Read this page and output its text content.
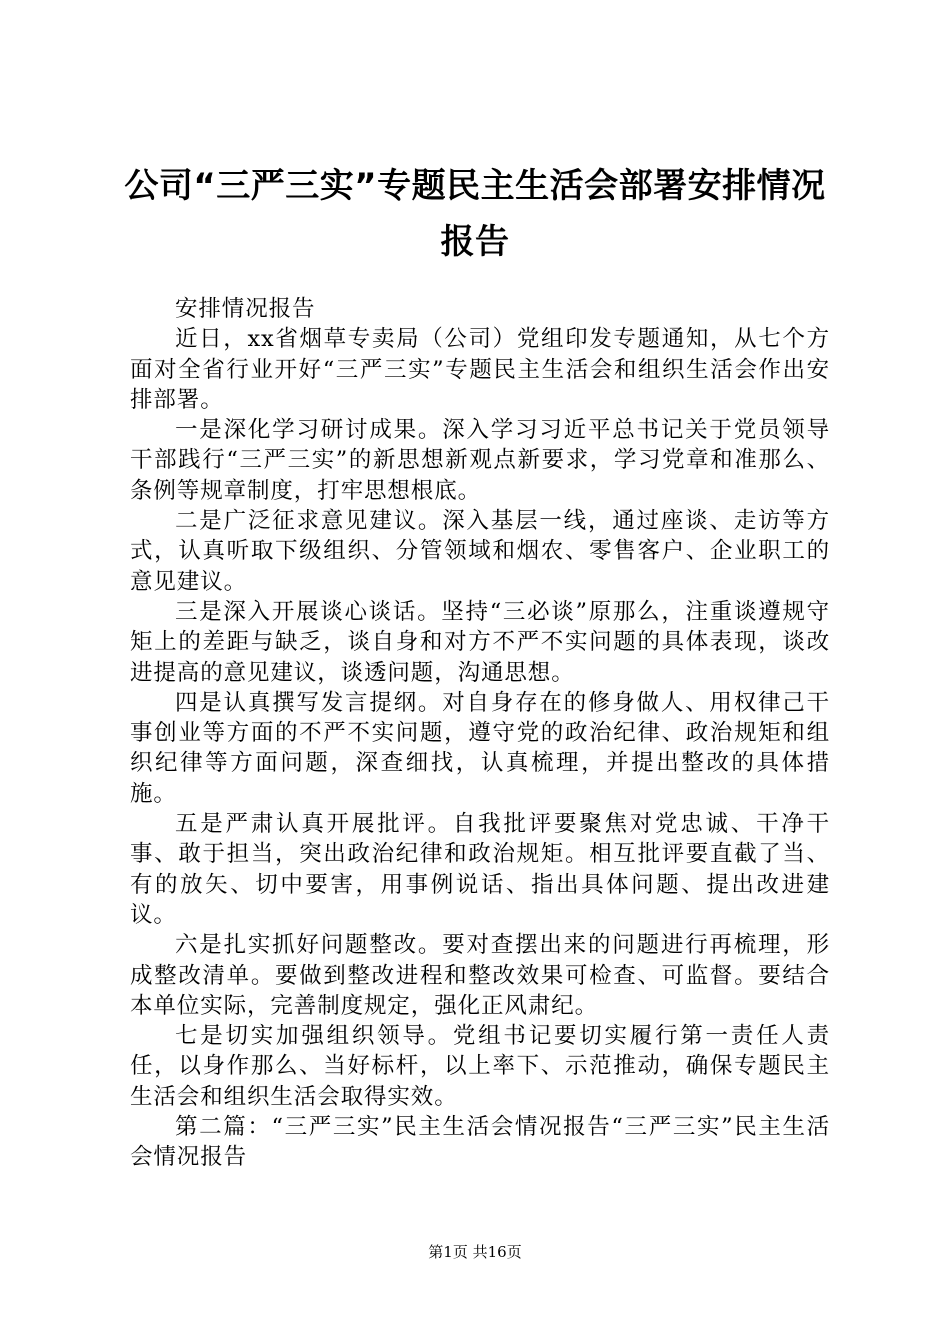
公司“三严三实”专题民主生活会部署安排情况报告

安排情况报告

近日，xx省烟草专卖局（公司）党组印发专题通知，从七个方面对全省行业开好“三严三实”专题民主生活会和组织生活会作出安排部署。

一是深化学习研讨成果。深入学习习近平总书记关于党员领导干部践行“三严三实”的新思想新观点新要求，学习党章和准那么、条例等规章制度，打牢思想根底。

二是广泛征求意见建议。深入基层一线，通过座谈、走访等方式，认真听取下级组织、分管领域和烟农、零售客户、企业职工的意见建议。

三是深入开展谈心谈话。坚持“三必谈”原那么，注重谈遵规守矩上的差距与缺乏，谈自身和对方不严不实问题的具体表现，谈改进提高的意见建议，谈透问题，沟通思想。

四是认真撰写发言提纲。对自身存在的修身做人、用权律己干事创业等方面的不严不实问题，遵守党的政治纪律、政治规矩和组织纪律等方面问题，深查细找，认真梳理，并提出整改的具体措施。

五是严肃认真开展批评。自我批评要聚焦对党忠诚、干净干事、敢于担当，突出政治纪律和政治规矩。相互批评要直截了当、有的放矢、切中要害，用事例说话、指出具体问题、提出改进建议。

六是扎实抓好问题整改。要对查摆出来的问题进行再梳理，形成整改清单。要做到整改进程和整改效果可检查、可监督。要结合本单位实际，完善制度规定，强化正风肃纪。

七是切实加强组织领导。党组书记要切实履行第一责任人责任，以身作那么、当好标杆，以上率下、示范推动，确保专题民主生活会和组织生活会取得实效。

第二篇：“三严三实”民主生活会情况报告“三严三实”民主生活会情况报告

第1页 共16页
